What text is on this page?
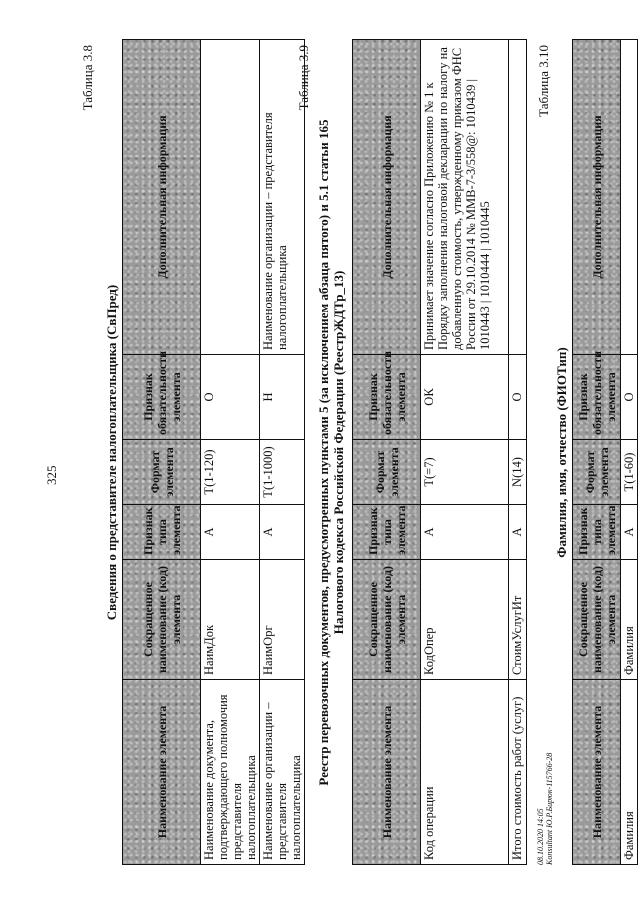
325
Таблица 3.8
Сведения о представителе налогоплательщика (СвПред)
Наименование элемента	Сокращенное наименование (код) элемента	Признак типа элемента	Формат элемента	Признак обязательности элемента	Дополнительная информация
Наименование документа, подтверждающего полномочия представителя налогоплательщика	НаимДок	А	T(1-120)	О	
Наименование организации – представителя налогоплательщика	НаимОрг	А	T(1-1000)	Н	Наименование организации – представителя налогоплательщика
Таблица 3.9
Реестр перевозочных документов, предусмотренных пунктами 5 (за исключением абзаца пятого) и 5.1 статьи 165 Налогового кодекса Российской Федерации (РеестрЖДТр_13)
Наименование элемента	Сокращенное наименование (код) элемента	Признак типа элемента	Формат элемента	Признак обязательности элемента	Дополнительная информация
Код операции	КодОпер	А	T(=7)	ОК	Принимает значение согласно Приложению № 1 к Порядку заполнения налоговой декларации по налогу на добавленную стоимость, утвержденному приказом ФНС России от 29.10.2014 № ММВ-7-3/558@: 1010439 | 1010443 | 1010444 | 1010445
Итого стоимость работ (услуг)	СтоимУслугИт	А	N(14)	О	
Таблица 3.10
Фамилия, имя, отчество (ФИОТип)
Наименование элемента	Сокращенное наименование (код) элемента	Признак типа элемента	Формат элемента	Признак обязательности элемента	Дополнительная информация
Фамилия	Фамилия	А	T(1-60)	О	
08.10.2020 14:05 Konsultant Ю.Р.Бирюк-115766-28
